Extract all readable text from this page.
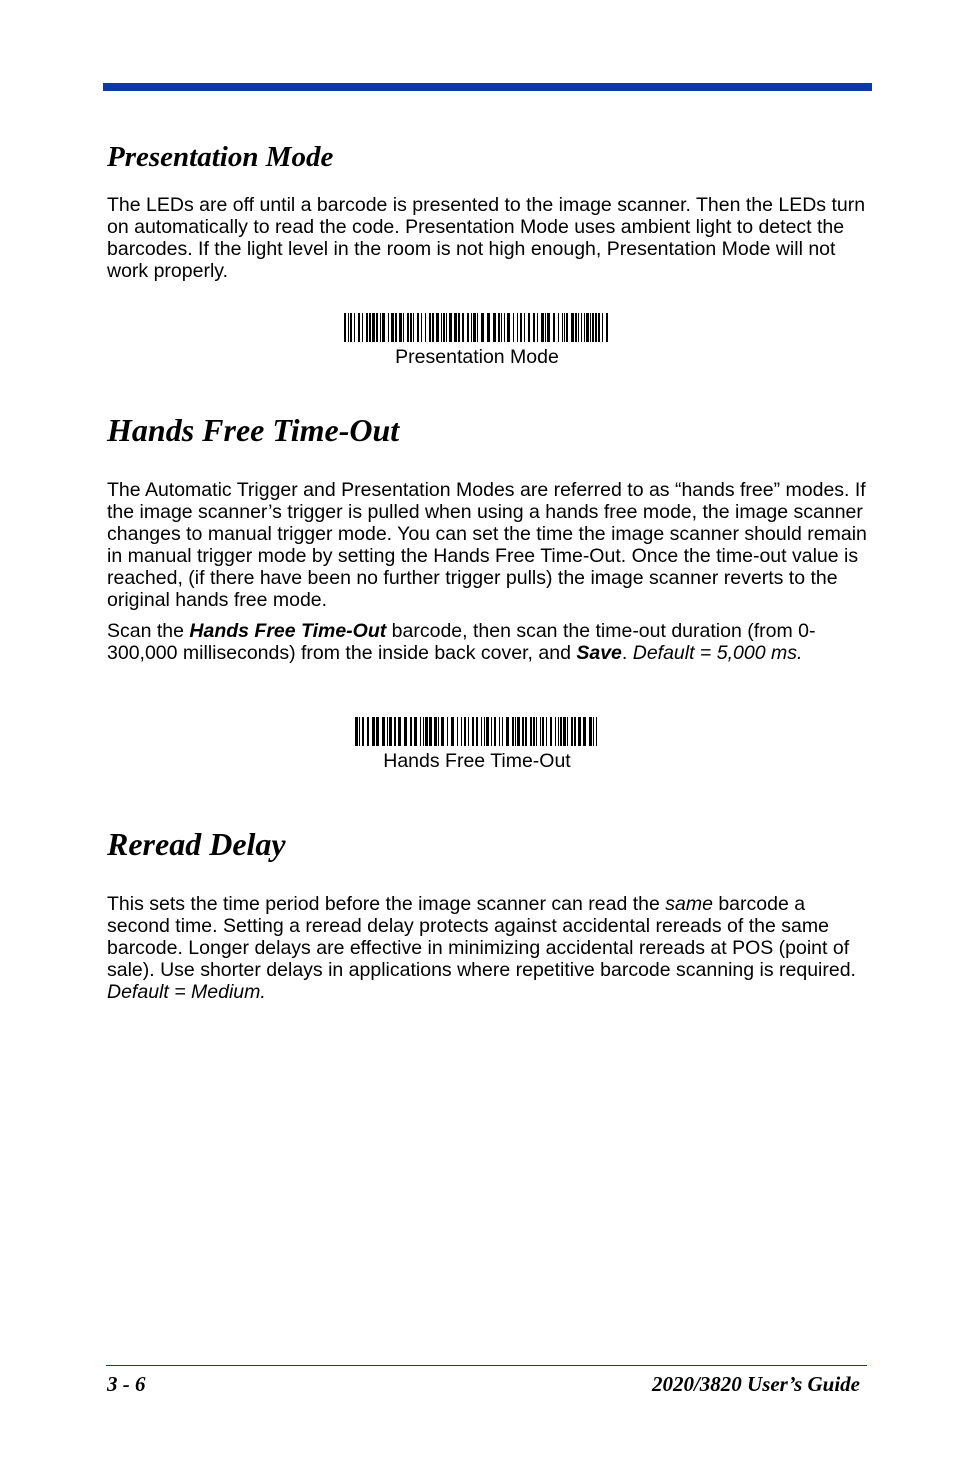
Presentation Mode

The LEDs are off until a barcode is presented to the image scanner. Then the LEDs turn on automatically to read the code. Presentation Mode uses ambient light to detect the barcodes. If the light level in the room is not high enough, Presentation Mode will not work properly.

Presentation Mode
Hands Free Time-Out

The Automatic Trigger and Presentation Modes are referred to as “hands free” modes. If the image scanner’s trigger is pulled when using a hands free mode, the image scanner changes to manual trigger mode. You can set the time the image scanner should remain in manual trigger mode by setting the Hands Free Time-Out. Once the time-out value is reached, (if there have been no further trigger pulls) the image scanner reverts to the original hands free mode.

Scan the Hands Free Time-Out barcode, then scan the time-out duration (from 0-300,000 milliseconds) from the inside back cover, and Save. Default = 5,000 ms.

Hands Free Time-Out
Reread Delay

This sets the time period before the image scanner can read the same barcode a second time. Setting a reread delay protects against accidental rereads of the same barcode. Longer delays are effective in minimizing accidental rereads at POS (point of sale). Use shorter delays in applications where repetitive barcode scanning is required. Default = Medium.

3 - 6	2020/3820 User’s Guide
